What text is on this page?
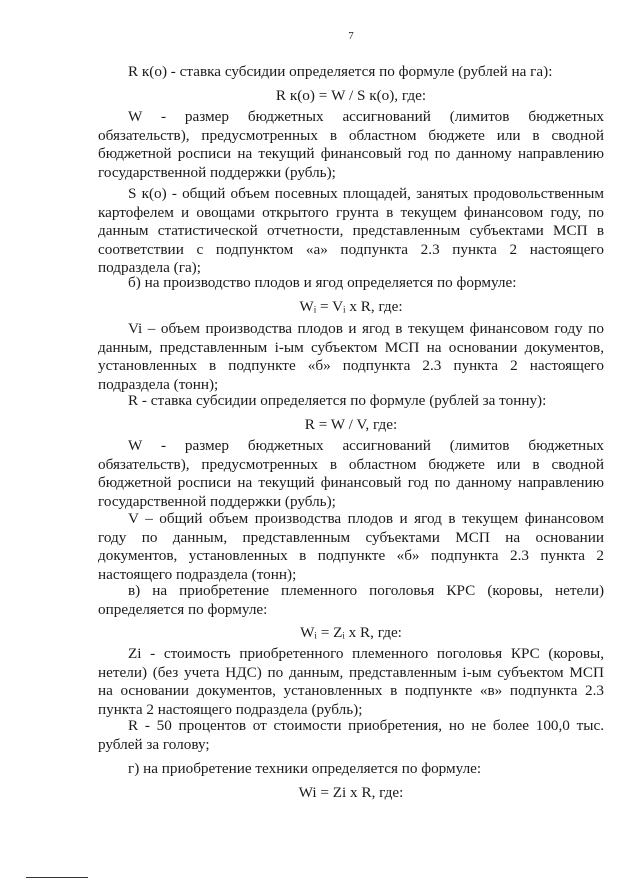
7

R к(о) - ставка субсидии определяется по формуле (рублей на га):

R к(о) = W / S к(о), где:

W - размер бюджетных ассигнований (лимитов бюджетных обязательств), предусмотренных в областном бюджете или в сводной бюджетной росписи на текущий финансовый год по данному направлению государственной поддержки (рубль);

S к(о) - общий объем посевных площадей, занятых продовольственным картофелем и овощами открытого грунта в текущем финансовом году, по данным статистической отчетности, представленным субъектами МСП в соответствии с подпунктом «а» подпункта 2.3 пункта 2 настоящего подраздела (га);

б) на производство плодов и ягод определяется по формуле:

Wᵢ = Vᵢ x R, где:

Vi – объем производства плодов и ягод в текущем финансовом году по данным, представленным i-ым субъектом МСП на основании документов, установленных в подпункте «б» подпункта 2.3 пункта 2 настоящего подраздела (тонн);

R - ставка субсидии определяется по формуле (рублей за тонну):

R = W / V, где:

W - размер бюджетных ассигнований (лимитов бюджетных обязательств), предусмотренных в областном бюджете или в сводной бюджетной росписи на текущий финансовый год по данному направлению государственной поддержки (рубль);

V – общий объем производства плодов и ягод в текущем финансовом году по данным, представленным субъектами МСП на основании документов, установленных в подпункте «б» подпункта 2.3 пункта 2 настоящего подраздела (тонн);

в) на приобретение племенного поголовья КРС (коровы, нетели) определяется по формуле:

Wᵢ = Zᵢ x R, где:

Zi - стоимость приобретенного племенного поголовья КРС (коровы, нетели) (без учета НДС) по данным, представленным i-ым субъектом МСП на основании документов, установленных в подпункте «в» подпункта 2.3 пункта 2 настоящего подраздела (рубль);

R - 50 процентов от стоимости приобретения, но не более 100,0 тыс. рублей за голову;

г) на приобретение техники определяется по формуле:

Wi = Zi x R, где:
